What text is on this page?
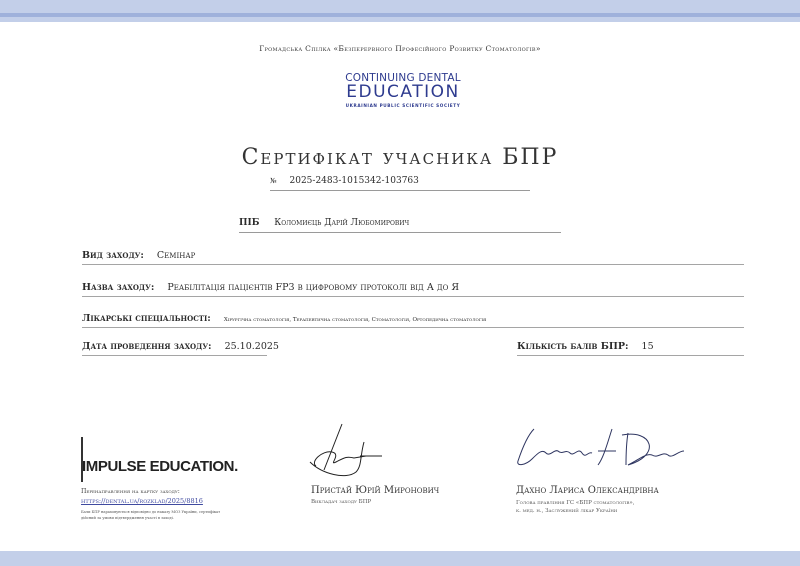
Громадська Спілка «Безперервного Професійного Розвитку Стоматологів»
CONTINUING DENTAL
EDUCATION
UKRAINIAN PUBLIC SCIENTIFIC SOCIETY
Сертифікат учасника БПР
№ 2025-2483-1015342-103763
ПІБ Коломиєць Дарій Любомирович
Вид заходу: Семінар
Назва заходу: Реабілітація пацієнтів FP3 в цифровому протоколі від А до Я
Лікарські спеціальності: Хірургічна стоматологія, Терапевтична стоматологія, Стоматологія, Ортопедична стоматологія
Дата проведення заходу: 25.10.2025	Кількість балів БПР: 15
IMPULSE EDUCATION.
Перенаправлення на картку заходу:
https://dental.ua/rozklad/2025/8816
Бали БПР нараховуються відповідно до наказу МОЗ України, сертифікат дійсний за умови підтвердження участі в заході.
Пристай Юрій Миронович
Викладач заходу БПР
Дахно Лариса Олександрівна
Голова правління ГС «БПР стоматологів»,
к. мед. н., Заслужений лікар України
